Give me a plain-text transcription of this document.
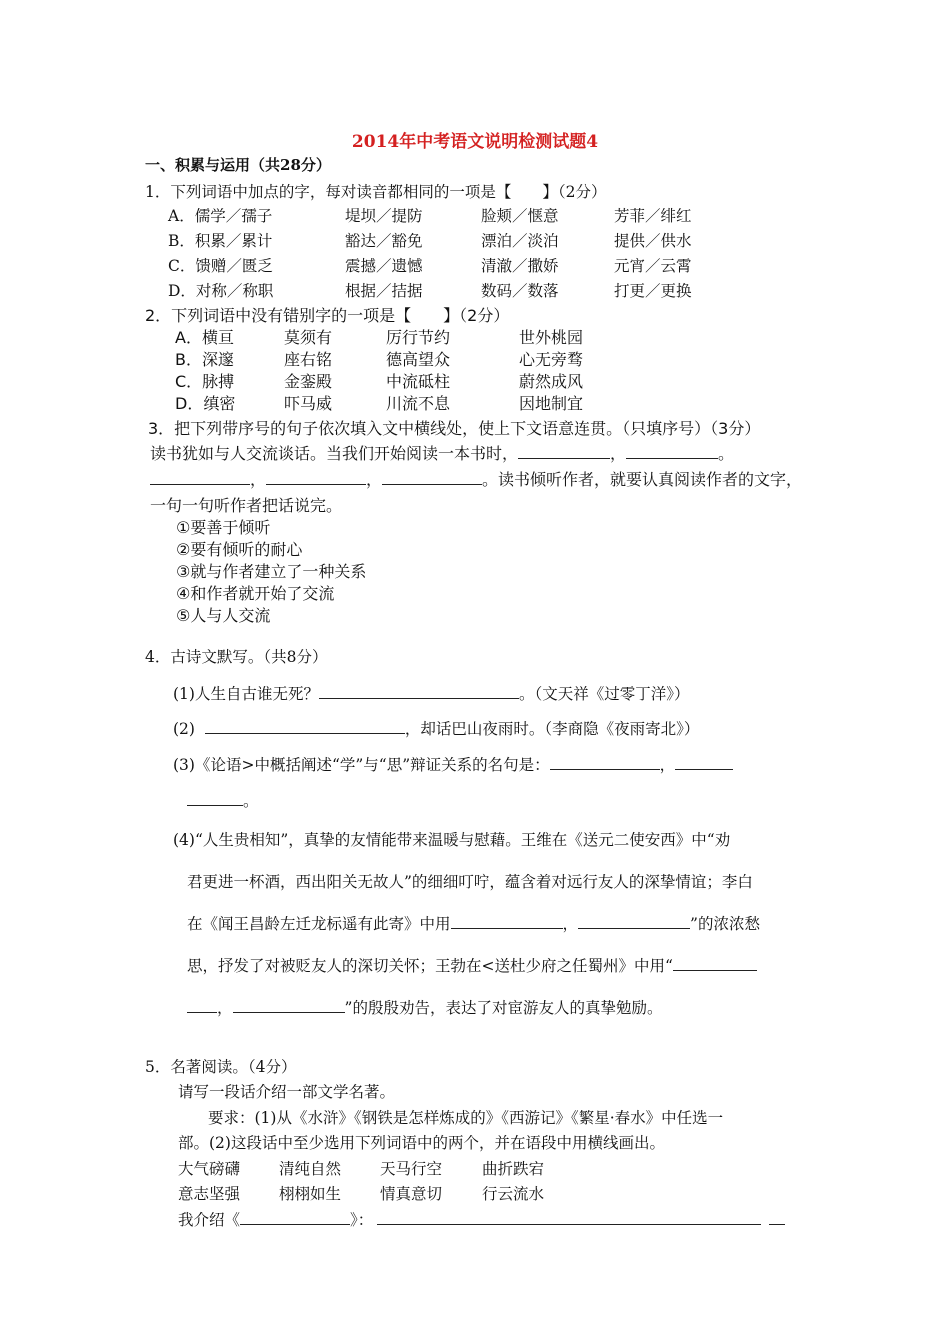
2014年中考语文说明检测试题4
一、积累与运用（共28分）
1．下列词语中加点的字，每对读音都相同的一项是【　　】（2分）
A．儒学／孺子	堤坝／提防	脸颊／惬意	芳菲／绯红
B．积累／累计	豁达／豁免	漂泊／淡泊	提供／供水
C．馈赠／匮乏	震撼／遗憾	清澈／撒娇	元宵／云霄
D．对称／称职	根据／拮据	数码／数落	打更／更换
2．下列词语中没有错别字的一项是【　　】（2分）
A．横亘	莫须有	厉行节约	世外桃园
B．深邃	座右铭	德高望众	心无旁骛
C．脉搏	金銮殿	中流砥柱	蔚然成风
D．缜密	吓马威	川流不息	因地制宜
3．把下列带序号的句子依次填入文中横线处，使上下文语意连贯。（只填序号）（3分）
读书犹如与人交流谈话。当我们开始阅读一本书时，	，	。
，	，	。读书倾听作者，就要认真阅读作者的文字，
一句一句听作者把话说完。
①要善于倾听
②要有倾听的耐心
③就与作者建立了一种关系
④和作者就开始了交流
⑤人与人交流
4．古诗文默写。（共8分）
(1)人生自古谁无死？	。（文天祥《过零丁洋》）
(2)	，却话巴山夜雨时。（李商隐《夜雨寄北》）
(3)《论语>中概括阐述“学”与“思”辩证关系的名句是：	，
。
(4)“人生贵相知”，真挚的友情能带来温暖与慰藉。王维在《送元二使安西》中“劝
君更进一杯酒，西出阳关无故人”的细细叮咛，蕴含着对远行友人的深挚情谊；李白
在《闻王昌龄左迁龙标遥有此寄》中用	，	”的浓浓愁
思，抒发了对被贬友人的深切关怀；王勃在<送杜少府之任蜀州》中用“
，	”的殷殷劝告，表达了对宦游友人的真挚勉励。
5．名著阅读。（4分）
请写一段话介绍一部文学名著。
要求：(1)从《水浒》《钢铁是怎样炼成的》《西游记》《繁星·春水》中任选一
部。(2)这段话中至少选用下列词语中的两个，并在语段中用横线画出。
大气磅礴	清纯自然	天马行空	曲折跌宕
意志坚强	栩栩如生	情真意切	行云流水
我介绍《	》：
